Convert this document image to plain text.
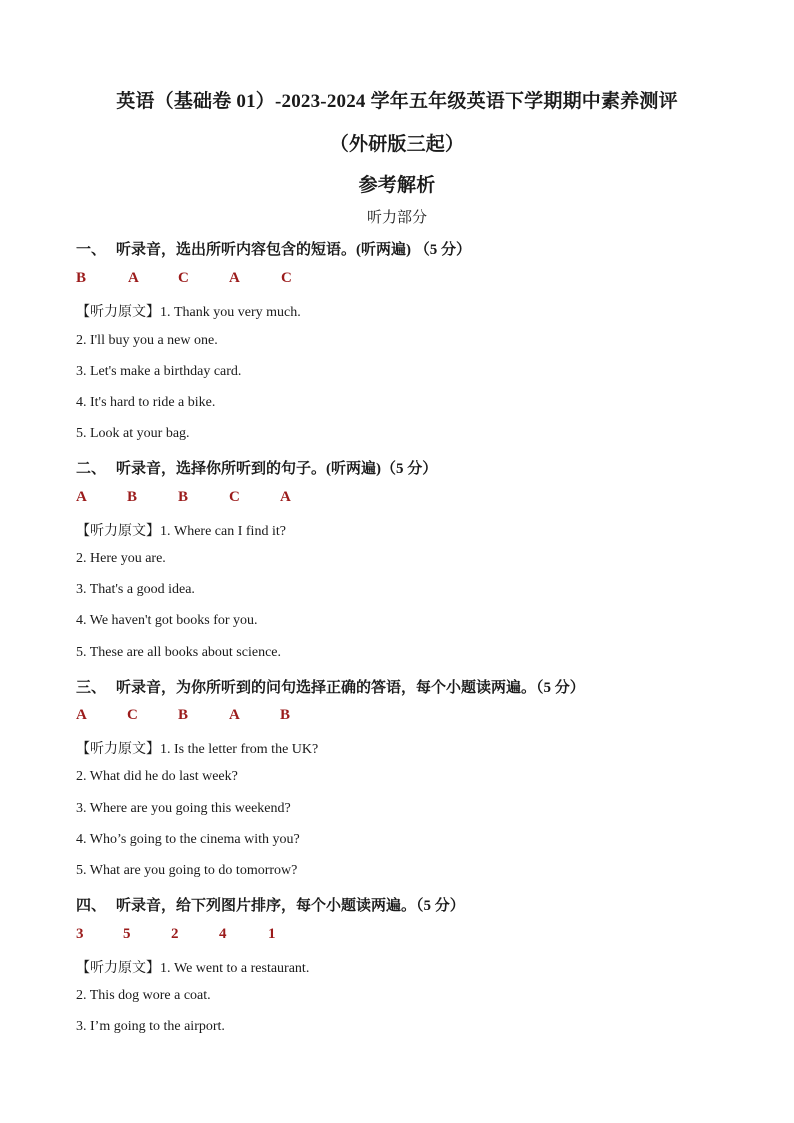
英语（基础卷 01）-2023-2024 学年五年级英语下学期期中素养测评
（外研版三起）
参考解析
听力部分
一、 听录音，选出所听内容包含的短语。(听两遍) （5 分）
B	A	C	A	C
【听力原文】1. Thank you very much.
2. I'll buy you a new one.
3. Let's make a birthday card.
4. It's hard to ride a bike.
5. Look at your bag.
二、 听录音，选择你所听到的句子。(听两遍)（5 分）
A	B	B	C	A
【听力原文】1. Where can I find it?
2. Here you are.
3. That's a good idea.
4. We haven't got books for you.
5. These are all books about science.
三、 听录音，为你所听到的问句选择正确的答语，每个小题读两遍。（5 分）
A	C	B	A	B
【听力原文】1. Is the letter from the UK?
2. What did he do last week?
3. Where are you going this weekend?
4. Who’s going to the cinema with you?
5. What are you going to do tomorrow?
四、 听录音，给下列图片排序，每个小题读两遍。（5 分）
3	5	2	4	1
【听力原文】1. We went to a restaurant.
2. This dog wore a coat.
3. I’m going to the airport.
